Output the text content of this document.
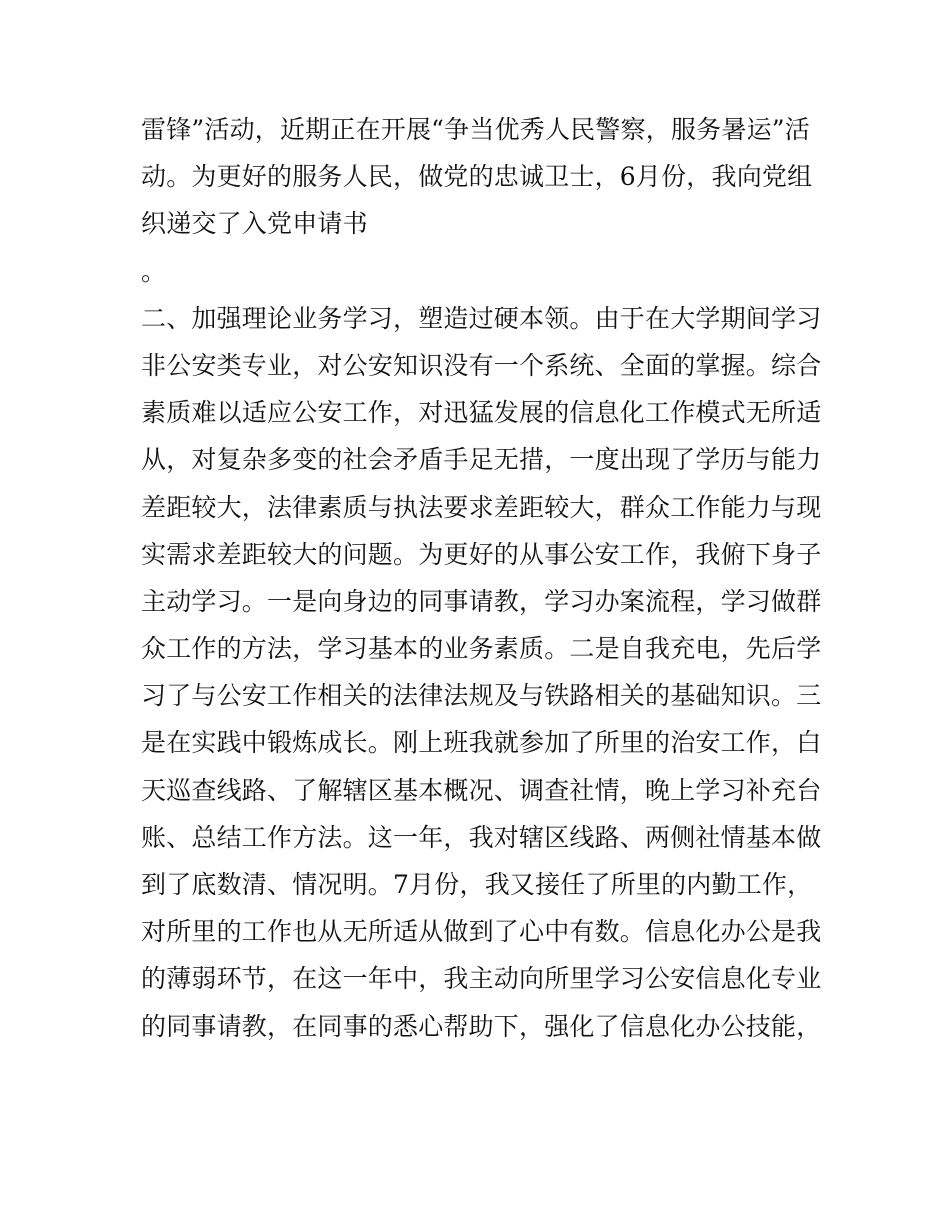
雷锋”活动，近期正在开展“争当优秀人民警察，服务暑运”活
动。为更好的服务人民，做党的忠诚卫士，6月份，我向党组
织递交了入党申请书
。
二、加强理论业务学习，塑造过硬本领。由于在大学期间学习
非公安类专业，对公安知识没有一个系统、全面的掌握。综合
素质难以适应公安工作，对迅猛发展的信息化工作模式无所适
从，对复杂多变的社会矛盾手足无措，一度出现了学历与能力
差距较大，法律素质与执法要求差距较大，群众工作能力与现
实需求差距较大的问题。为更好的从事公安工作，我俯下身子
主动学习。一是向身边的同事请教，学习办案流程，学习做群
众工作的方法，学习基本的业务素质。二是自我充电，先后学
习了与公安工作相关的法律法规及与铁路相关的基础知识。三
是在实践中锻炼成长。刚上班我就参加了所里的治安工作，白
天巡查线路、了解辖区基本概况、调查社情，晚上学习补充台
账、总结工作方法。这一年，我对辖区线路、两侧社情基本做
到了底数清、情况明。7月份，我又接任了所里的内勤工作，
对所里的工作也从无所适从做到了心中有数。信息化办公是我
的薄弱环节，在这一年中，我主动向所里学习公安信息化专业
的同事请教，在同事的悉心帮助下，强化了信息化办公技能，
